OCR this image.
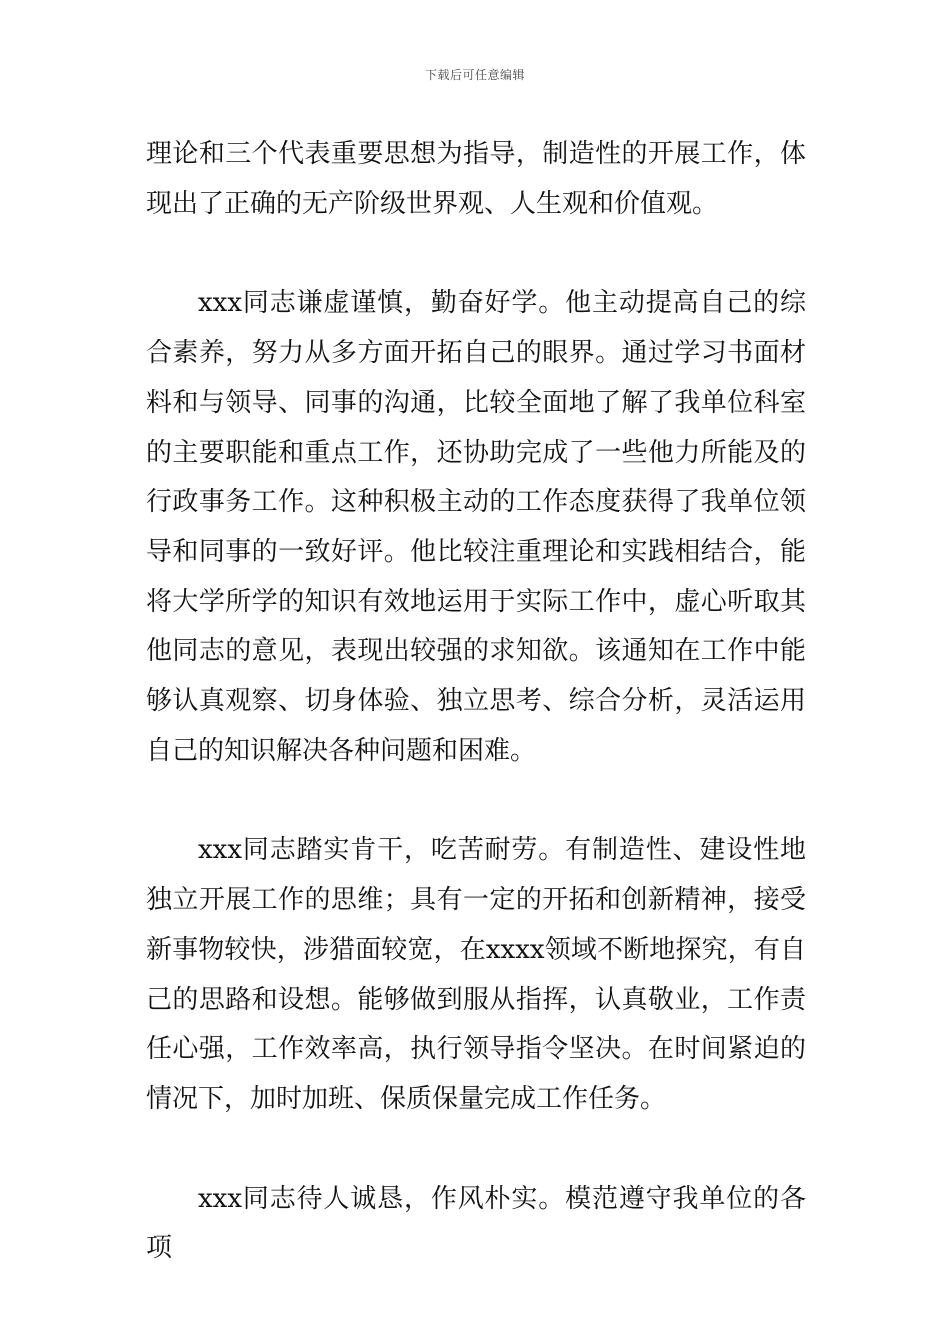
下载后可任意编辑

理论和三个代表重要思想为指导，制造性的开展工作，体现出了正确的无产阶级世界观、人生观和价值观。

xxx同志谦虚谨慎，勤奋好学。他主动提高自己的综合素养，努力从多方面开拓自己的眼界。通过学习书面材料和与领导、同事的沟通，比较全面地了解了我单位科室的主要职能和重点工作，还协助完成了一些他力所能及的行政事务工作。这种积极主动的工作态度获得了我单位领导和同事的一致好评。他比较注重理论和实践相结合，能将大学所学的知识有效地运用于实际工作中，虚心听取其他同志的意见，表现出较强的求知欲。该通知在工作中能够认真观察、切身体验、独立思考、综合分析，灵活运用自己的知识解决各种问题和困难。

xxx同志踏实肯干，吃苦耐劳。有制造性、建设性地独立开展工作的思维；具有一定的开拓和创新精神，接受新事物较快，涉猎面较宽，在xxxx领域不断地探究，有自己的思路和设想。能够做到服从指挥，认真敬业，工作责任心强，工作效率高，执行领导指令坚决。在时间紧迫的情况下，加时加班、保质保量完成工作任务。

xxx同志待人诚恳，作风朴实。模范遵守我单位的各项
